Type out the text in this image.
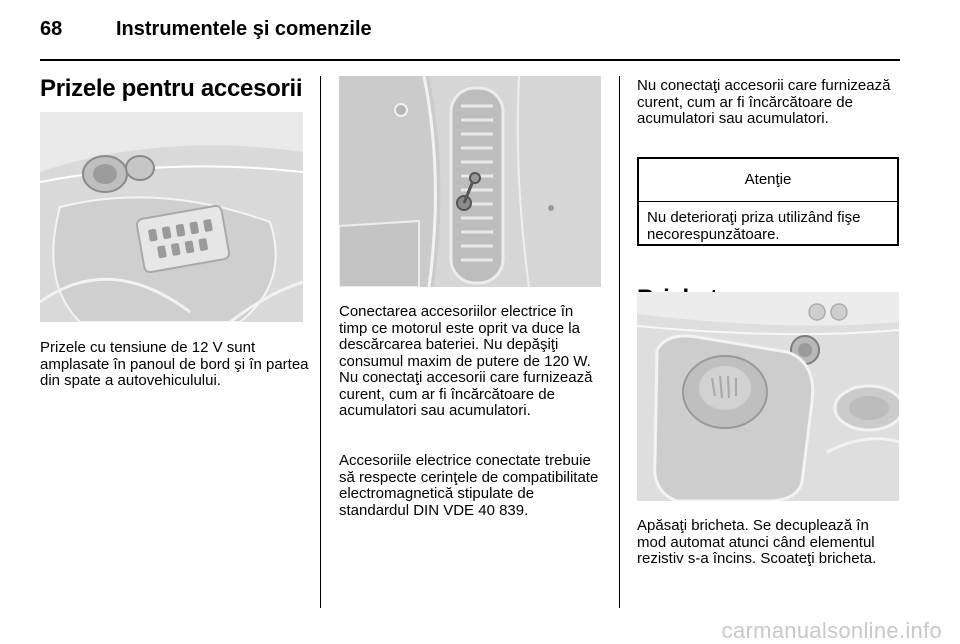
68	Instrumentele şi comenzile
Prizele pentru accesorii

Prizele cu tensiune de 12 V sunt amplasate în panoul de bord şi în partea din spate a autovehiculului.

Conectarea accesoriilor electrice în timp ce motorul este oprit va duce la descărcarea bateriei. Nu depăşiţi consumul maxim de putere de 120 W. Nu conectaţi accesorii care furnizează curent, cum ar fi încărcătoare de acumulatori sau acumulatori.

Accesoriile electrice conectate trebuie să respecte cerinţele de compatibilitate electromagnetică stipulate de standardul DIN VDE 40 839.

Nu conectaţi accesorii care furnizează curent, cum ar fi încărcătoare de acumulatori sau acumulatori.

Atenţie
Nu deterioraţi priza utilizând fişe necorespunzătoare.

Apăsaţi bricheta. Se decuplează în mod automat atunci când elementul rezistiv s-a încins. Scoateţi bricheta.

carmanualsonline.info
